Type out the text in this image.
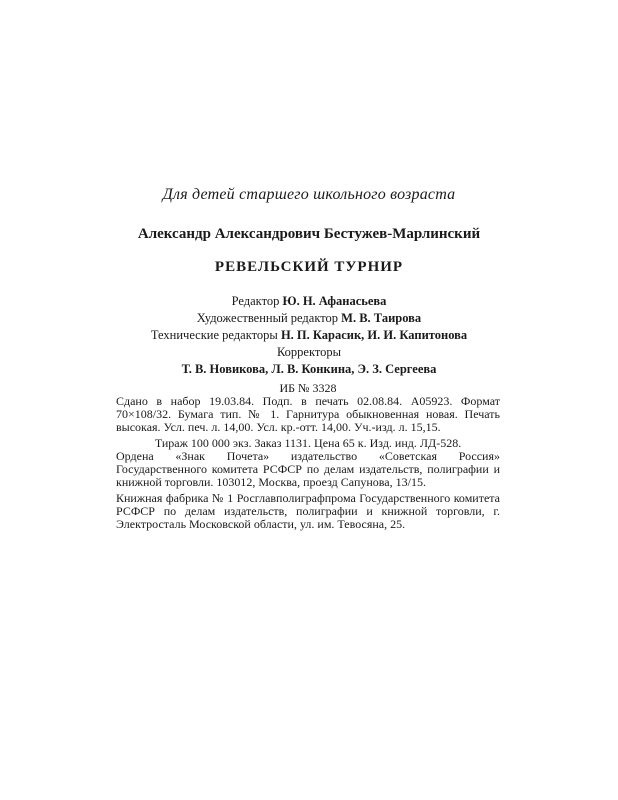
Для детей старшего школьного возраста
Александр Александрович Бестужев-Марлинский
РЕВЕЛЬСКИЙ ТУРНИР
Редактор Ю. Н. Афанасьева
Художественный редактор М. В. Таирова
Технические редакторы Н. П. Карасик, И. И. Капитонова
Корректоры
Т. В. Новикова, Л. В. Конкина, Э. З. Сергеева
ИБ № 3328
Сдано в набор 19.03.84. Подп. в печать 02.08.84. А05923. Формат 70×108/32. Бумага тип. № 1. Гарнитура обыкновенная новая. Печать высокая. Усл. печ. л. 14,00. Усл. кр.-отт. 14,00. Уч.-изд. л. 15,15.
Тираж 100 000 экз. Заказ 1131. Цена 65 к. Изд. инд. ЛД-528.
Ордена «Знак Почета» издательство «Советская Россия» Государственного комитета РСФСР по делам издательств, полиграфии и книжной торговли. 103012, Москва, проезд Сапунова, 13/15.
Книжная фабрика № 1 Росглавполиграфпрома Государственного комитета РСФСР по делам издательств, полиграфии и книжной торговли, г. Электросталь Московской области, ул. им. Тевосяна, 25.
